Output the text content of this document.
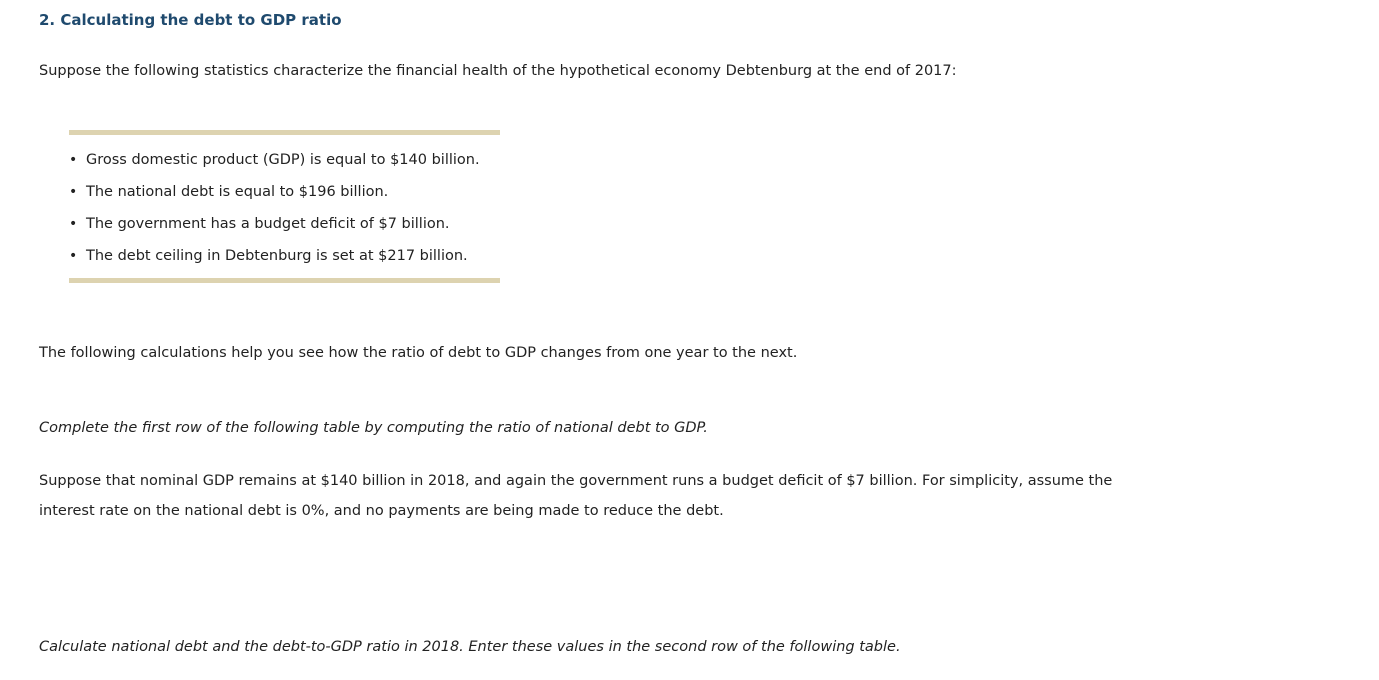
2. Calculating the debt to GDP ratio

Suppose the following statistics characterize the financial health of the hypothetical economy Debtenburg at the end of 2017:

• Gross domestic product (GDP) is equal to $140 billion.
• The national debt is equal to $196 billion.
• The government has a budget deficit of $7 billion.
• The debt ceiling in Debtenburg is set at $217 billion.

The following calculations help you see how the ratio of debt to GDP changes from one year to the next.

Complete the first row of the following table by computing the ratio of national debt to GDP.

Suppose that nominal GDP remains at $140 billion in 2018, and again the government runs a budget deficit of $7 billion. For simplicity, assume the

interest rate on the national debt is 0%, and no payments are being made to reduce the debt.

Calculate national debt and the debt-to-GDP ratio in 2018. Enter these values in the second row of the following table.
